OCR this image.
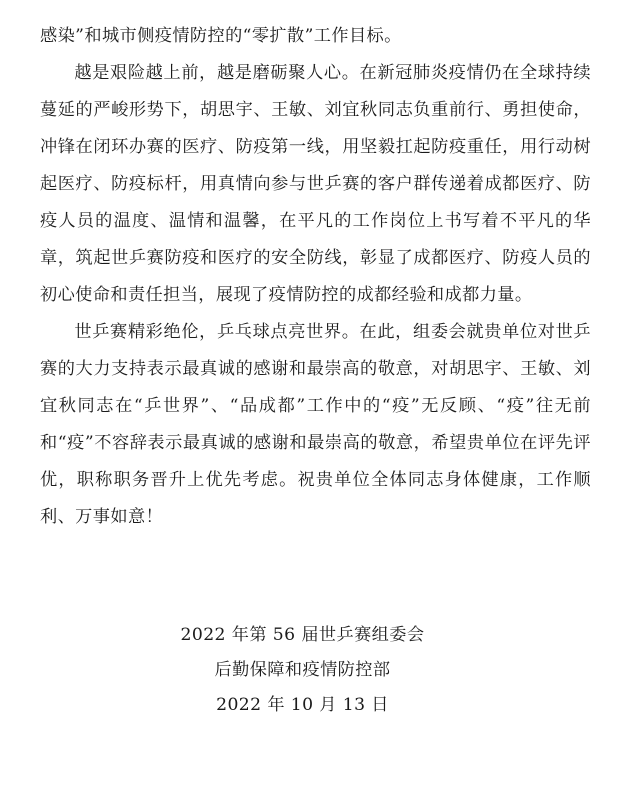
感染”和城市侧疫情防控的“零扩散”工作目标。

越是艰险越上前，越是磨砺聚人心。在新冠肺炎疫情仍在全球持续蔓延的严峻形势下，胡思宇、王敏、刘宜秋同志负重前行、勇担使命，冲锋在闭环办赛的医疗、防疫第一线，用坚毅扛起防疫重任，用行动树起医疗、防疫标杆，用真情向参与世乒赛的客户群传递着成都医疗、防疫人员的温度、温情和温馨，在平凡的工作岗位上书写着不平凡的华章，筑起世乒赛防疫和医疗的安全防线，彰显了成都医疗、防疫人员的初心使命和责任担当，展现了疫情防控的成都经验和成都力量。

世乒赛精彩绝伦，乒乓球点亮世界。在此，组委会就贵单位对世乒赛的大力支持表示最真诚的感谢和最崇高的敬意，对胡思宇、王敏、刘宜秋同志在“乒世界”、“品成都”工作中的“疫”无反顾、“疫”往无前和“疫”不容辞表示最真诚的感谢和最崇高的敬意，希望贵单位在评先评优，职称职务晋升上优先考虑。祝贵单位全体同志身体健康，工作顺利、万事如意！

2022 年第 56 届世乒赛组委会
后勤保障和疫情防控部
2022 年 10 月 13 日
